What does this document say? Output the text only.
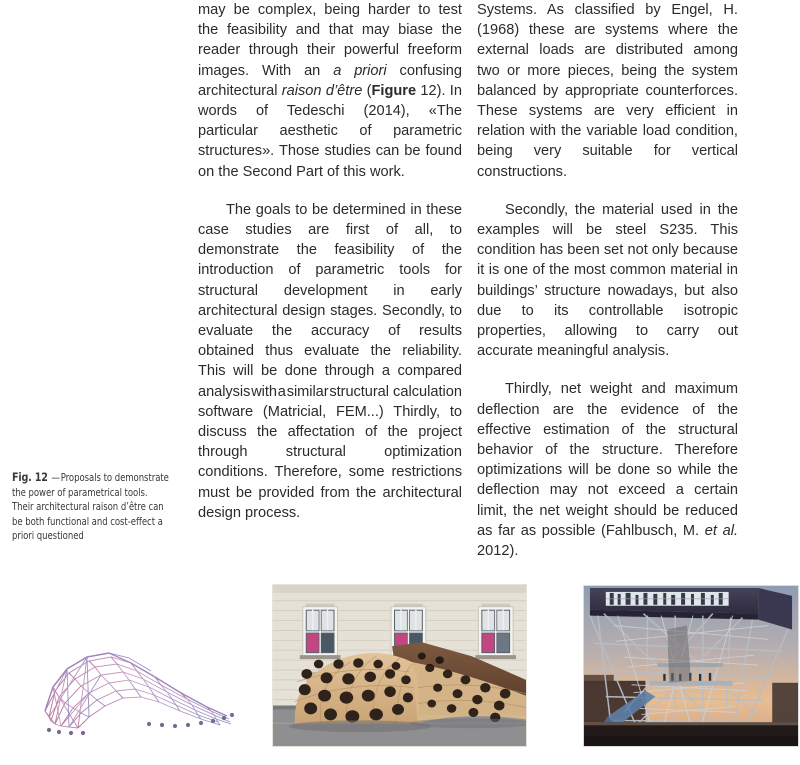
may be complex, being harder to test the feasibility and that may biase the reader through their powerful freeform images. With an a priori confusing architectural raison d’être (Figure 12). In words of Tedeschi (2014), «The particular aesthetic of parametric structures». Those studies can be found on the Second Part of this work.

The goals to be determined in these case studies are first of all, to demonstrate the feasibility of the introduction of parametric tools for structural development in early architectural design stages. Secondly, to evaluate the accuracy of results obtained thus evaluate the reliability. This will be done through a compared analysis with a similar structural calculation software (Matricial, FEM...) Thirdly, to discuss the affectation of the project through structural optimization conditions. Therefore, some restrictions must be provided from the architectural design process.

Systems. As classified by Engel, H. (1968) these are systems where the external loads are distributed among two or more pieces, being the system balanced by appropriate counterforces. These systems are very efficient in relation with the variable load condition, being very suitable for vertical constructions.

Secondly, the material used in the examples will be steel S235. This condition has been set not only because it is one of the most common material in buildings’ structure nowadays, but also due to its controllable isotropic properties, allowing to carry out accurate meaningful analysis.

Thirdly, net weight and maximum deflection are the evidence of the effective estimation of the structural behavior of the structure. Therefore optimizations will be done so while the deflection may not exceed a certain limit, the net weight should be reduced as far as possible (Fahlbusch, M. et al. 2012).

Fig. 12 —Proposals to demonstrate the power of parametrical tools. Their architectural raison d’être can be both functional and cost-effect a priori questioned
